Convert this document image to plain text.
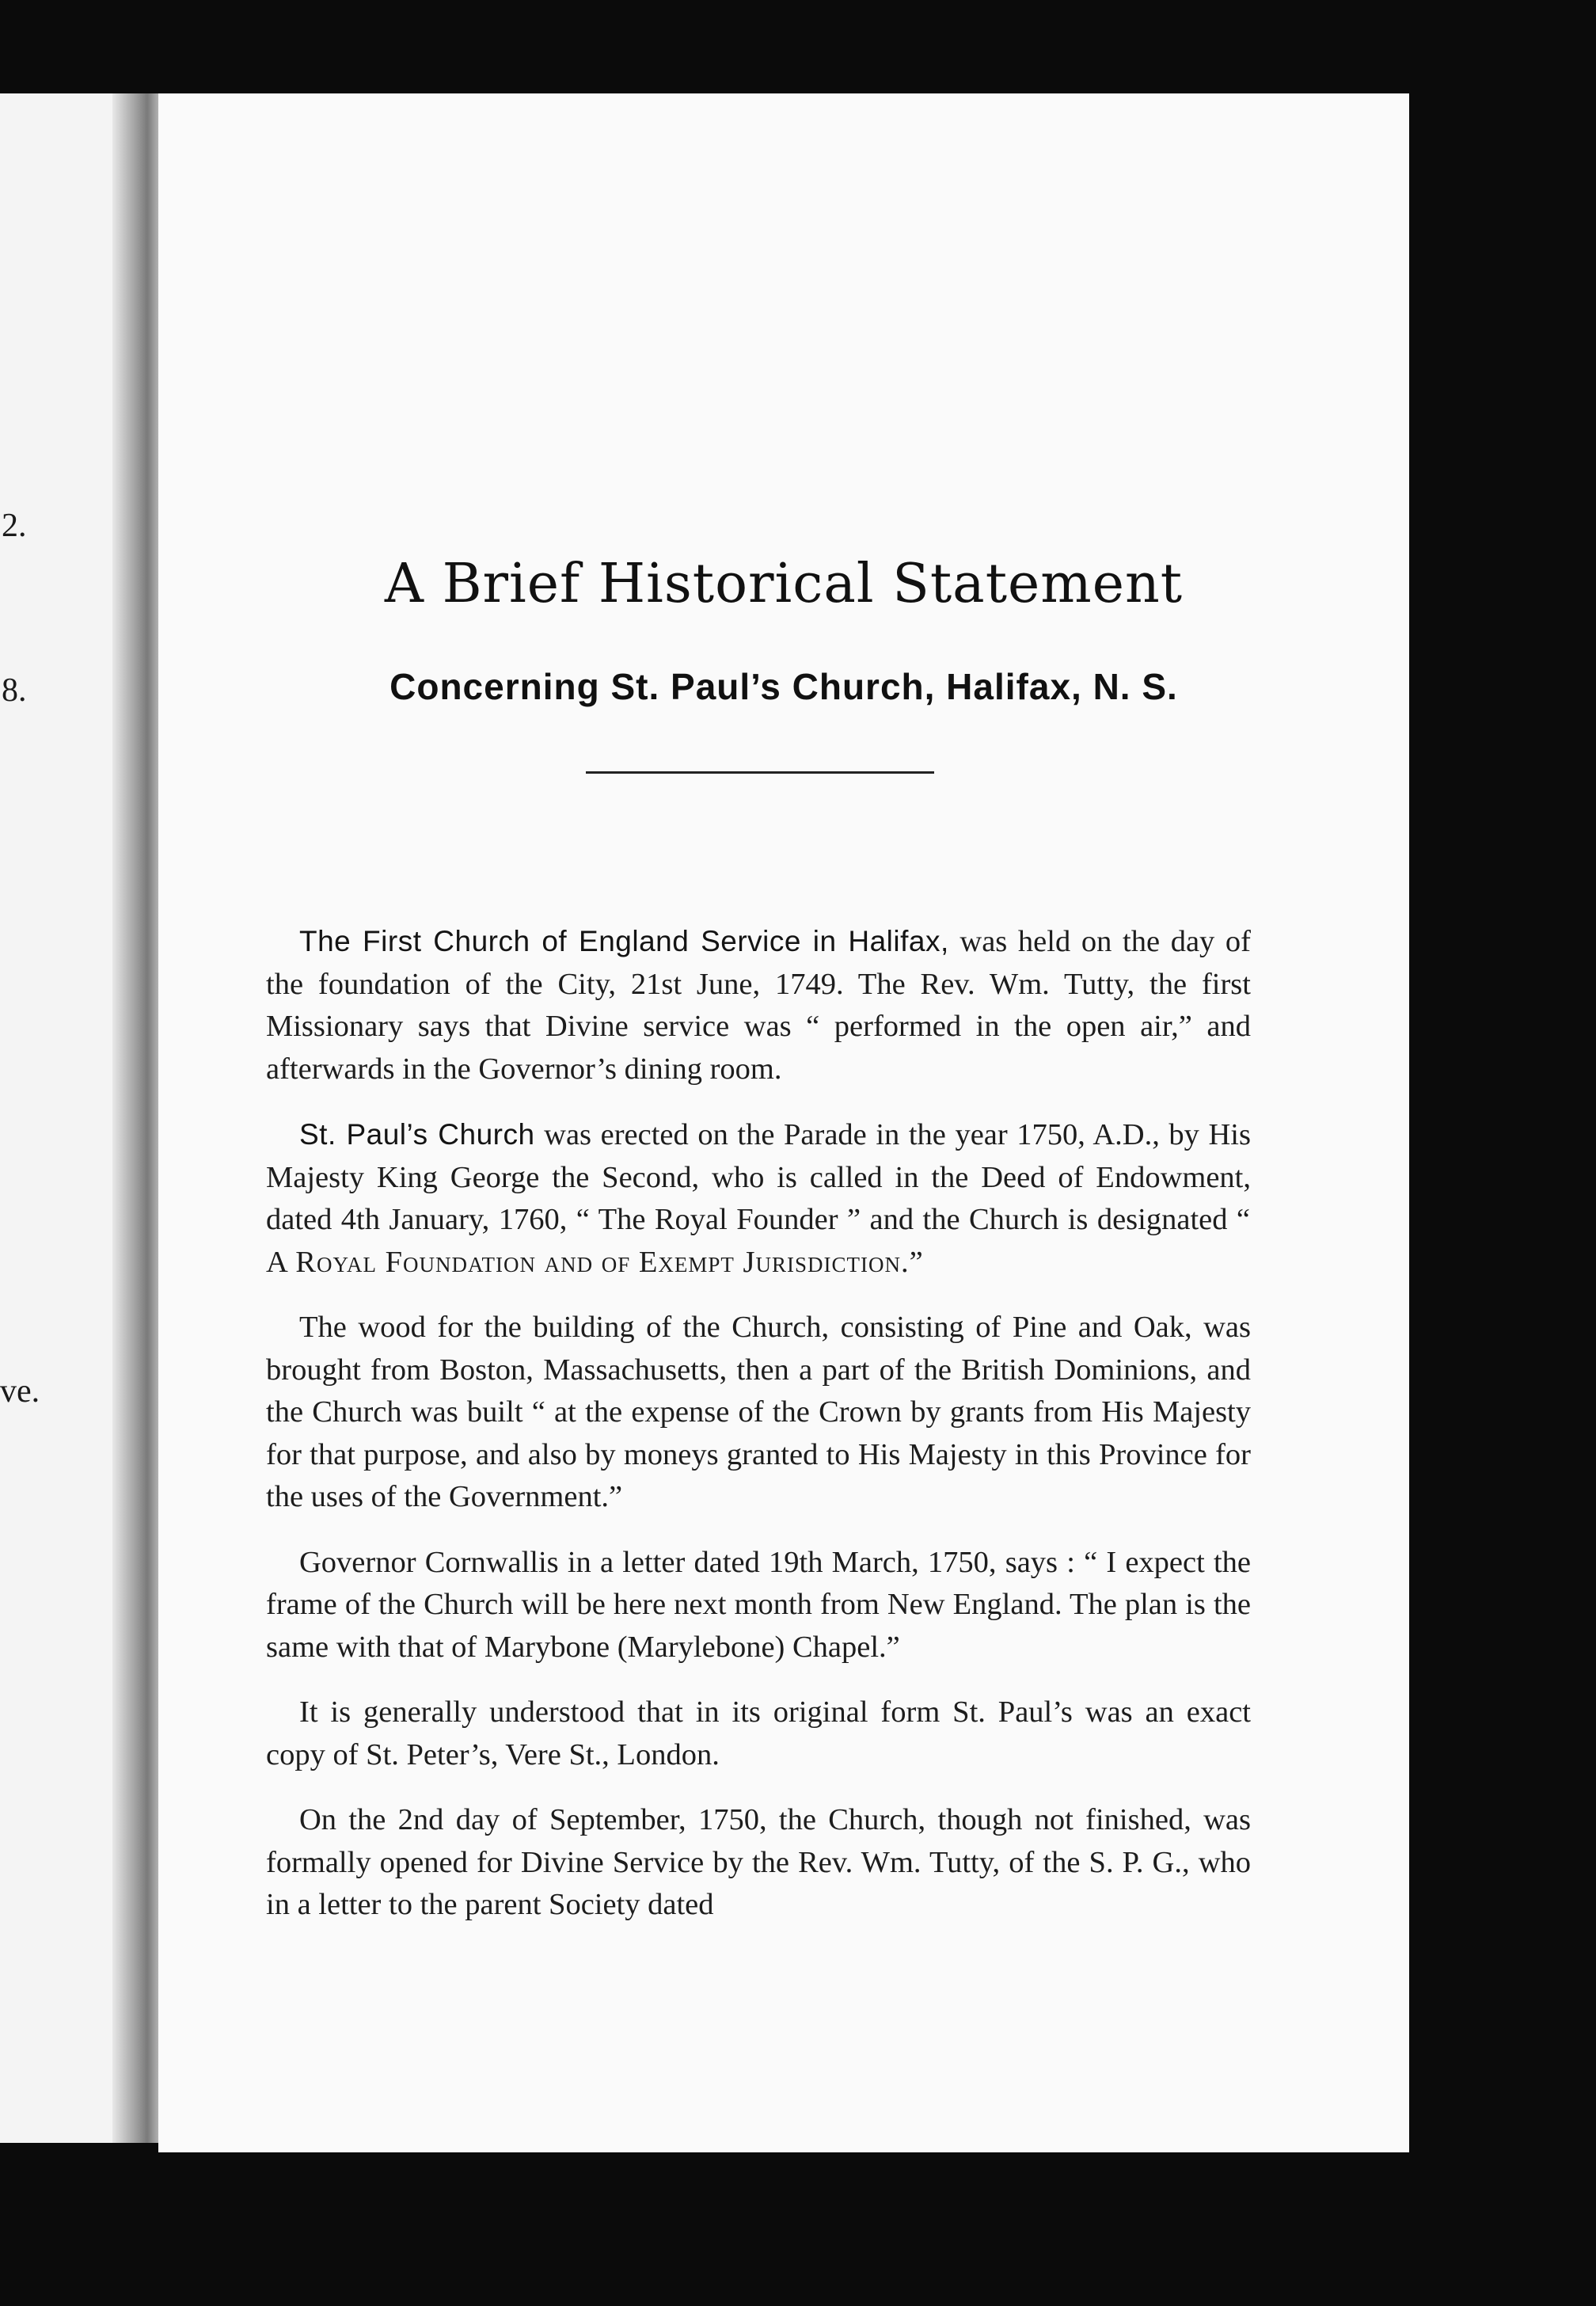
2.
8.
ve.
A Brief Historical Statement
Concerning St. Paul’s Church, Halifax, N. S.

The First Church of England Service in Halifax, was held on the day of the foundation of the City, 21st June, 1749. The Rev. Wm. Tutty, the first Missionary says that Divine service was “ performed in the open air,” and afterwards in the Governor’s dining room.

St. Paul’s Church was erected on the Parade in the year 1750, A.D., by His Majesty King George the Second, who is called in the Deed of Endowment, dated 4th January, 1760, “ The Royal Founder ” and the Church is designated “ A Royal Foundation and of Exempt Jurisdiction.”

The wood for the building of the Church, consisting of Pine and Oak, was brought from Boston, Massachusetts, then a part of the British Dominions, and the Church was built “ at the expense of the Crown by grants from His Majesty for that purpose, and also by moneys granted to His Majesty in this Province for the uses of the Government.”

Governor Cornwallis in a letter dated 19th March, 1750, says : “ I expect the frame of the Church will be here next month from New England. The plan is the same with that of Marybone (Marylebone) Chapel.”

It is generally understood that in its original form St. Paul’s was an exact copy of St. Peter’s, Vere St., London.

On the 2nd day of September, 1750, the Church, though not finished, was formally opened for Divine Service by the Rev. Wm. Tutty, of the S. P. G., who in a letter to the parent Society dated
